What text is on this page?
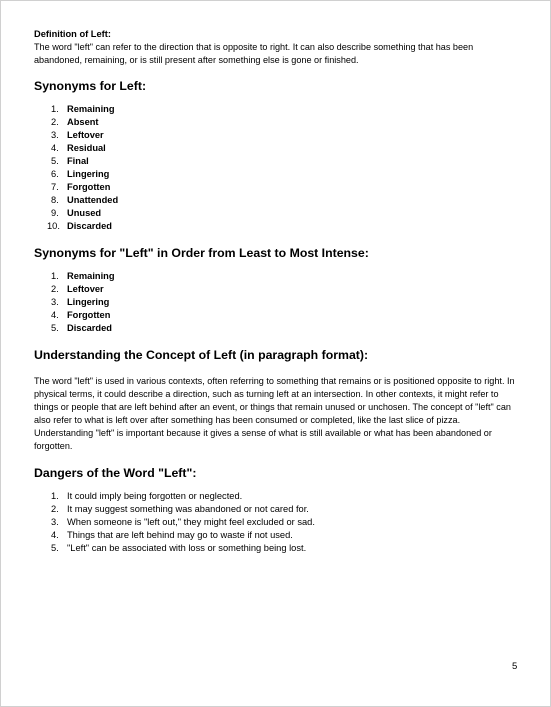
Definition of Left:

The word "left" can refer to the direction that is opposite to right. It can also describe something that has been abandoned, remaining, or is still present after something else is gone or finished.

Synonyms for Left:
1. Remaining
2. Absent
3. Leftover
4. Residual
5. Final
6. Lingering
7. Forgotten
8. Unattended
9. Unused
10. Discarded
Synonyms for "Left" in Order from Least to Most Intense:
1. Remaining
2. Leftover
3. Lingering
4. Forgotten
5. Discarded
Understanding the Concept of Left (in paragraph format):

The word "left" is used in various contexts, often referring to something that remains or is positioned opposite to right. In physical terms, it could describe a direction, such as turning left at an intersection. In other contexts, it might refer to things or people that are left behind after an event, or things that remain unused or unchosen. The concept of "left" can also refer to what is left over after something has been consumed or completed, like the last slice of pizza. Understanding "left" is important because it gives a sense of what is still available or what has been abandoned or forgotten.

Dangers of the Word "Left":
1. It could imply being forgotten or neglected.
2. It may suggest something was abandoned or not cared for.
3. When someone is "left out," they might feel excluded or sad.
4. Things that are left behind may go to waste if not used.
5. "Left" can be associated with loss or something being lost.
5
